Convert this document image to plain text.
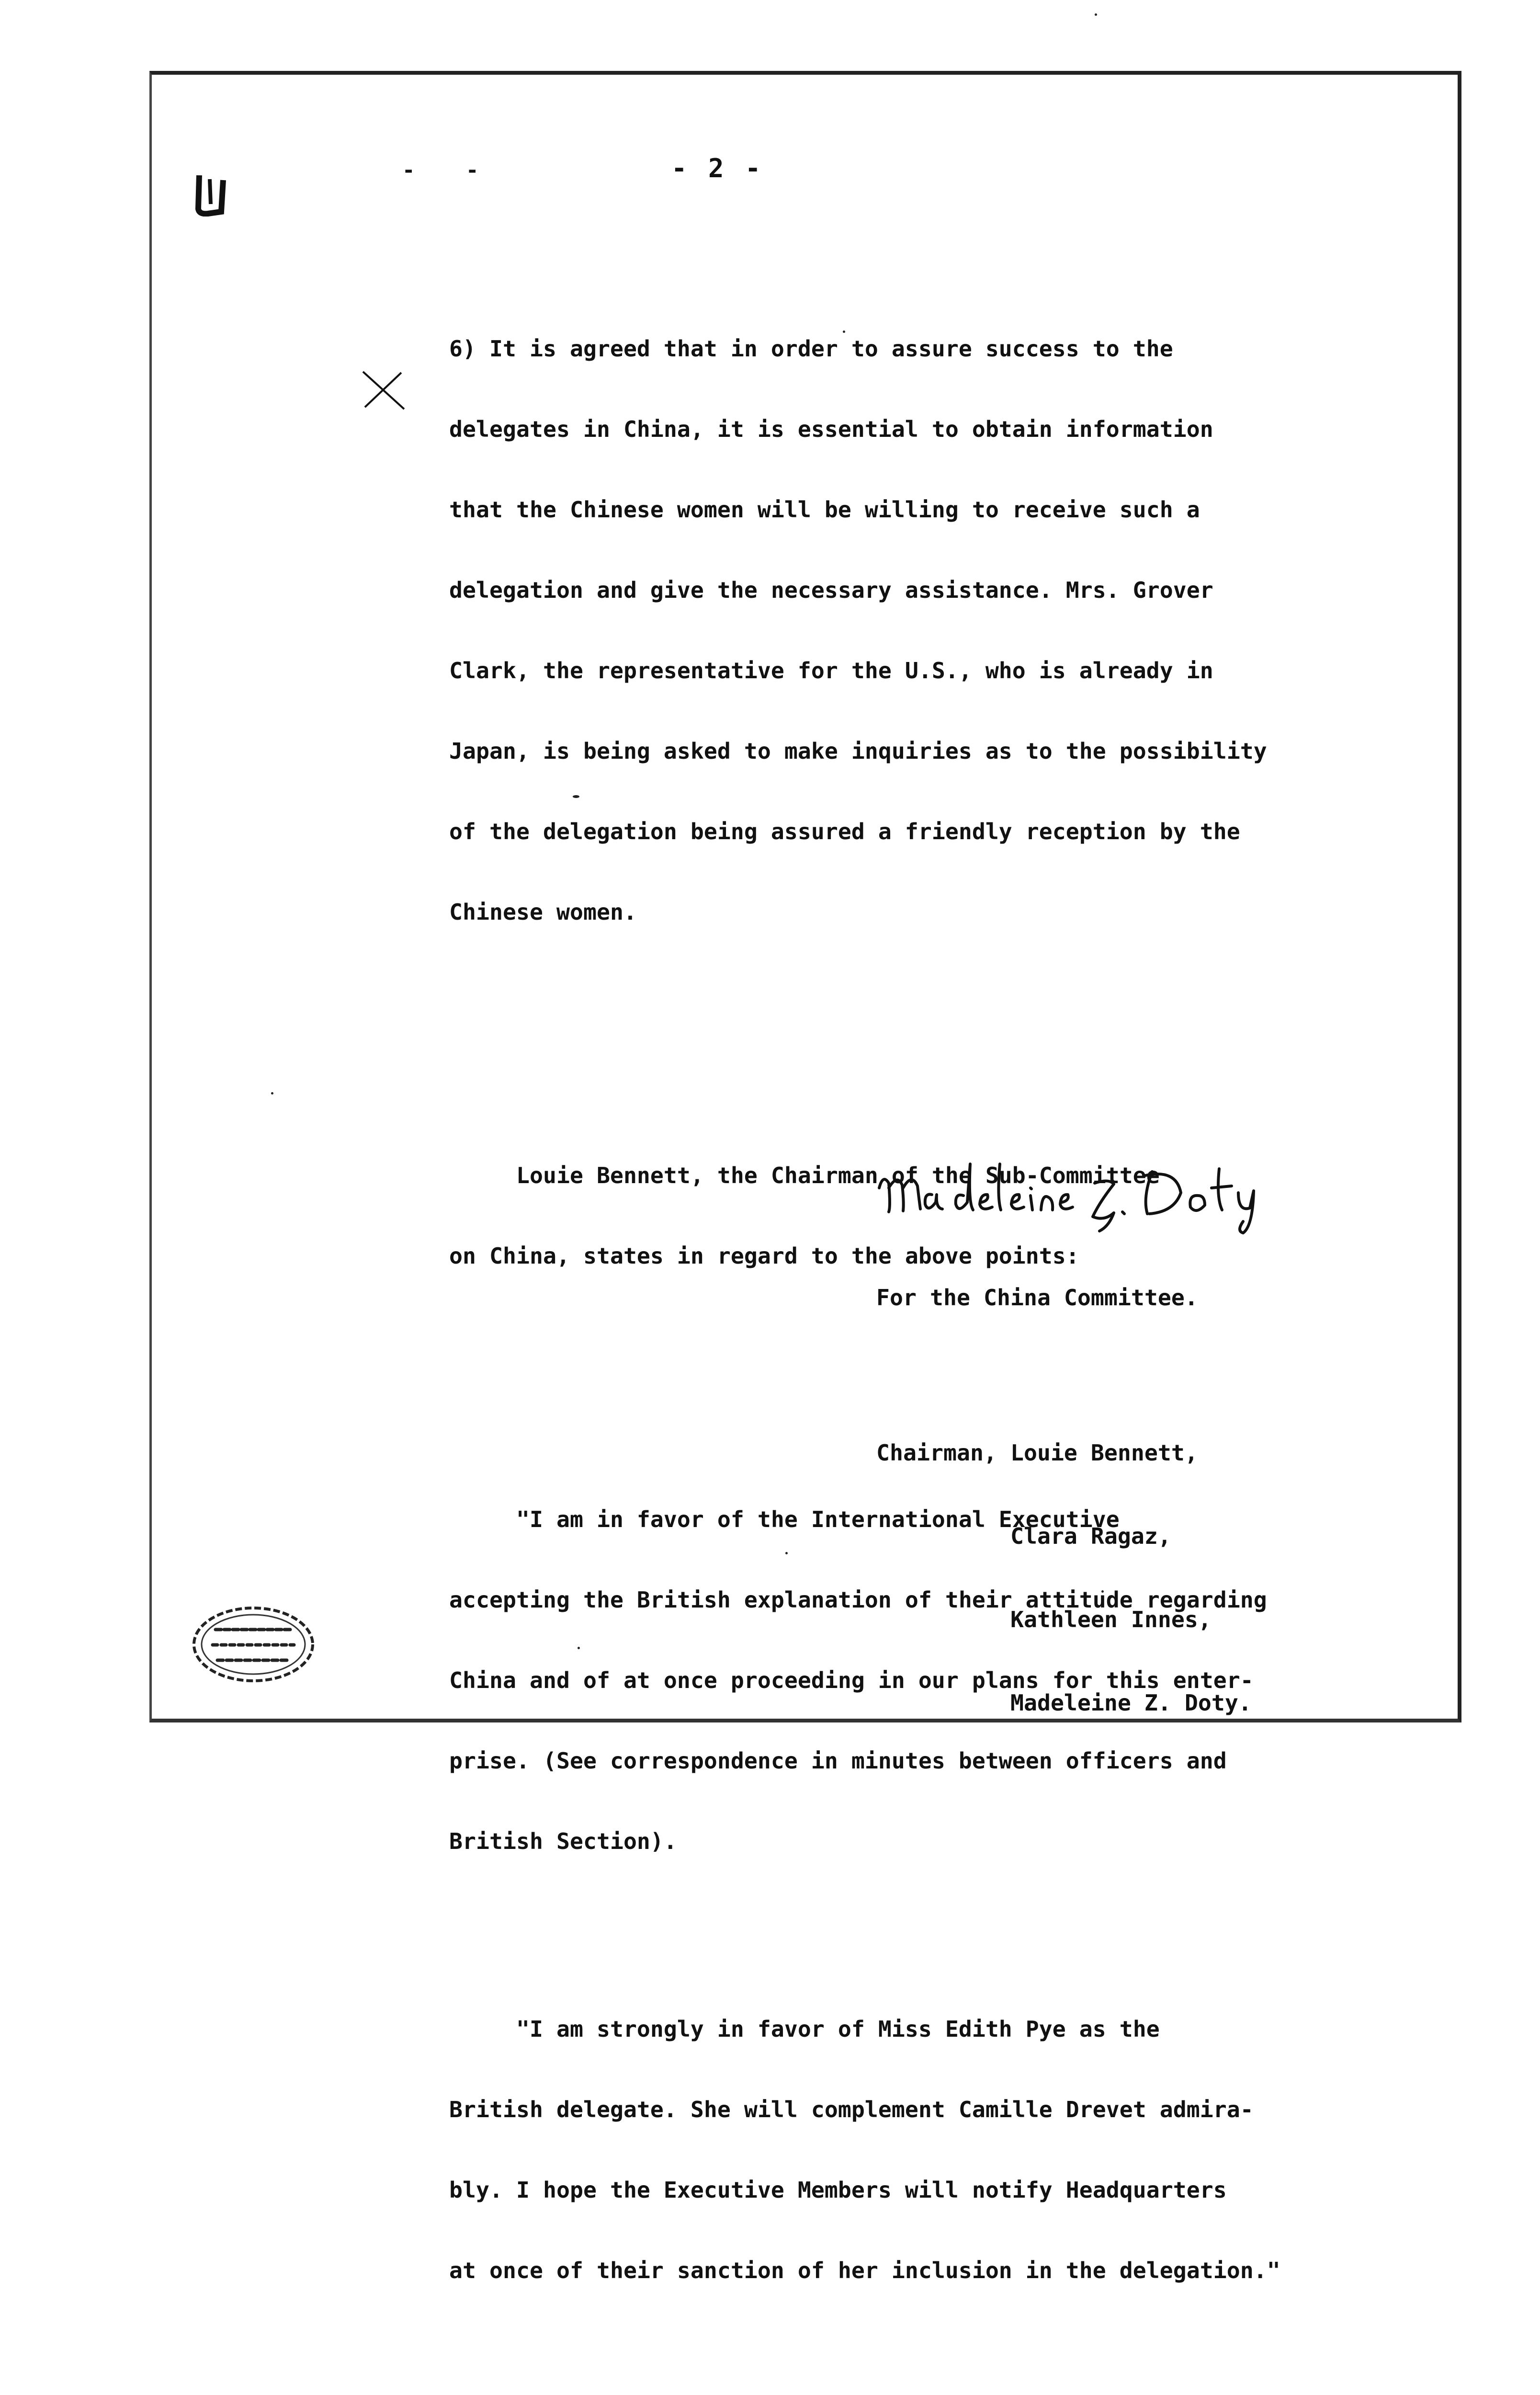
- -	- 2 -

6) It is agreed that in order to assure success to the

delegates in China, it is essential to obtain information

that the Chinese women will be willing to receive such a

delegation and give the necessary assistance. Mrs. Grover

Clark, the representative for the U.S., who is already in

Japan, is being asked to make inquiries as to the possibility

of the delegation being assured a friendly reception by the

Chinese women.

Louie Bennett, the Chairman of the Sub-Committee

on China, states in regard to the above points:

"I am in favor of the International Executive

accepting the British explanation of their attitude regarding

China and of at once proceeding in our plans for this enter-

prise. (See correspondence in minutes between officers and

British Section).

"I am strongly in favor of Miss Edith Pye as the

British delegate. She will complement Camille Drevet admira-

bly. I hope the Executive Members will notify Headquarters

at once of their sanction of her inclusion in the delegation."

For the China Committee.

Chairman, Louie Bennett,

Clara Ragaz,

Kathleen Innes,

Madeleine Z. Doty.
